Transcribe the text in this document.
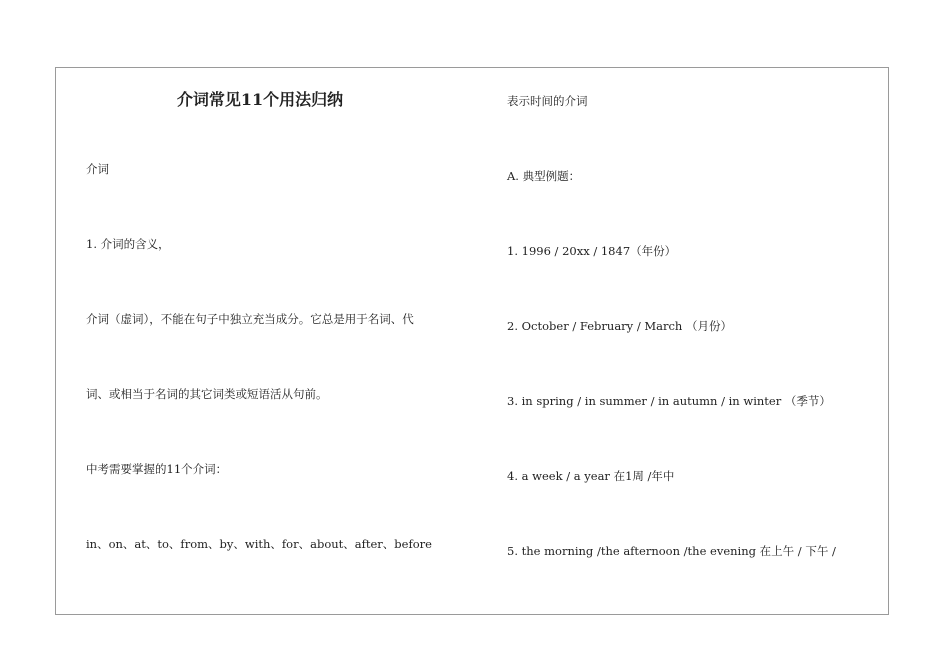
介词常见11个用法归纳
介词
1. 介词的含义，
介词（虚词），不能在句子中独立充当成分。它总是用于名词、代
词、或相当于名词的其它词类或短语活从句前。
中考需要掌握的11个介词：
in、on、at、to、from、by、with、for、about、after、before
表示时间的介词
A. 典型例题：
1. 1996 / 20xx / 1847（年份）
2. October / February / March （月份）
3. in spring / in summer / in autumn / in winter （季节）
4. a week / a year 在1周 /年中
5. the morning /the afternoon /the evening 在上午 / 下午 /
